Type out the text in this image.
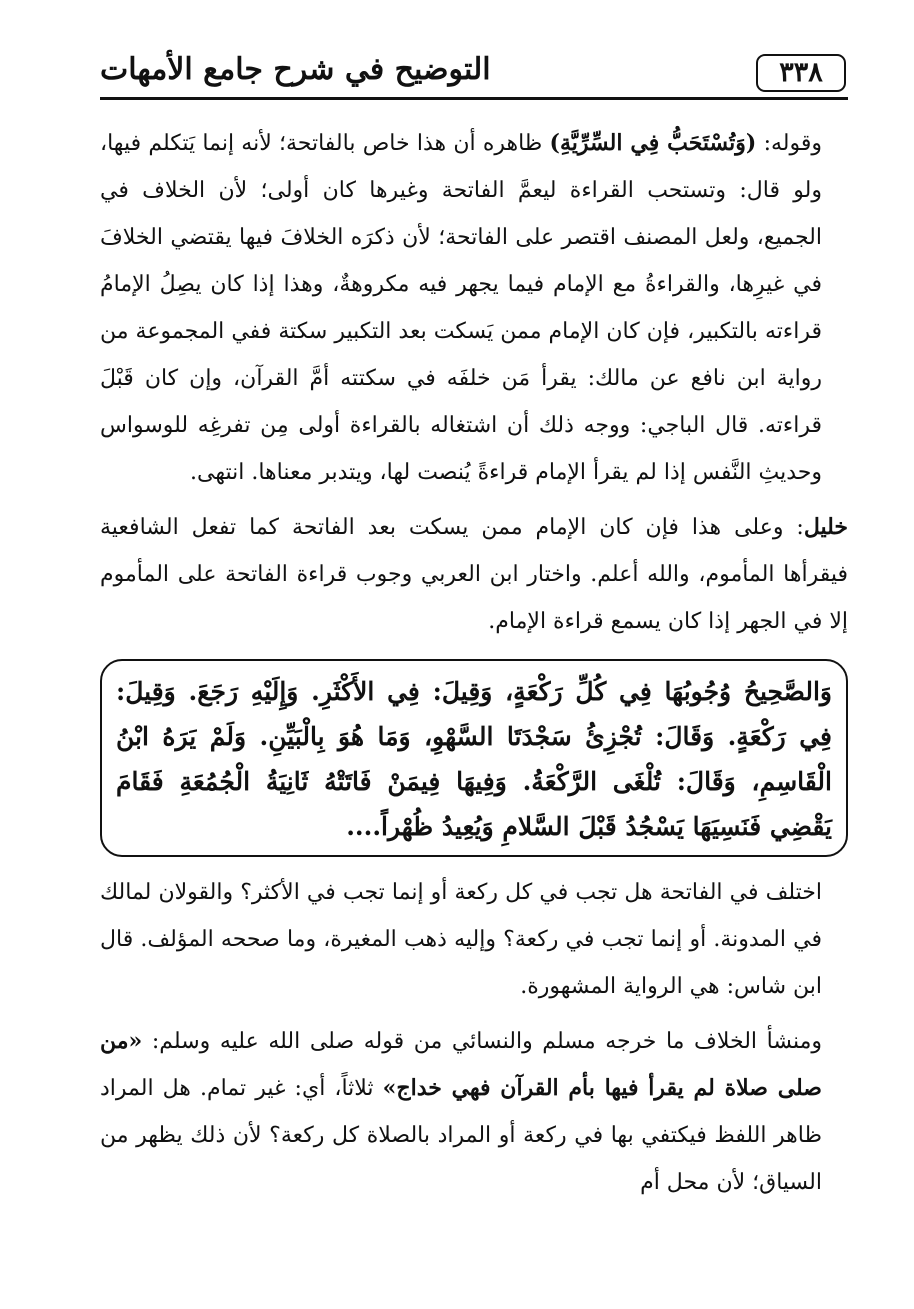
التوضيح في شرح جامع الأمهات	٣٣٨

وقوله: (وَتُسْتَحَبُّ فِي السِّرِّيَّةِ) ظاهره أن هذا خاص بالفاتحة؛ لأنه إنما يَتكلم فيها، ولو قال: وتستحب القراءة ليعمَّ الفاتحة وغيرها كان أولى؛ لأن الخلاف في الجميع، ولعل المصنف اقتصر على الفاتحة؛ لأن ذكرَه الخلافَ فيها يقتضي الخلافَ في غيرِها، والقراءةُ مع الإمام فيما يجهر فيه مكروهةٌ، وهذا إذا كان يصِلُ الإمامُ قراءته بالتكبير، فإن كان الإمام ممن يَسكت بعد التكبير سكتة ففي المجموعة من رواية ابن نافع عن مالك: يقرأ مَن خلفَه في سكتته أمَّ القرآن، وإن كان قَبْلَ قراءته. قال الباجي: ووجه ذلك أن اشتغاله بالقراءة أولى مِن تفرغِه للوسواس وحديثِ النَّفس إذا لم يقرأ الإمام قراءةً يُنصت لها، ويتدبر معناها. انتهى.

خليل: وعلى هذا فإن كان الإمام ممن يسكت بعد الفاتحة كما تفعل الشافعية فيقرأها المأموم، والله أعلم. واختار ابن العربي وجوب قراءة الفاتحة على المأموم إلا في الجهر إذا كان يسمع قراءة الإمام.

وَالصَّحِيحُ وُجُوبُهَا فِي كُلِّ رَكْعَةٍ، وَقِيلَ: فِي الأَكْثَرِ. وَإِلَيْهِ رَجَعَ. وَقِيلَ: فِي رَكْعَةٍ. وَقَالَ: تُجْزِئُ سَجْدَتَا السَّهْوِ، وَمَا هُوَ بِالْبَيِّنِ. وَلَمْ يَرَهُ ابْنُ الْقَاسِمِ، وَقَالَ: تُلْغَى الرَّكْعَةُ. وَفِيهَا فِيمَنْ فَاتَتْهُ ثَانِيَةُ الْجُمُعَةِ فَقَامَ يَقْضِي فَنَسِيَهَا يَسْجُدُ قَبْلَ السَّلامِ وَيُعِيدُ ظُهْراً....

اختلف في الفاتحة هل تجب في كل ركعة أو إنما تجب في الأكثر؟ والقولان لمالك في المدونة. أو إنما تجب في ركعة؟ وإليه ذهب المغيرة، وما صححه المؤلف. قال ابن شاس: هي الرواية المشهورة.

ومنشأ الخلاف ما خرجه مسلم والنسائي من قوله صلى الله عليه وسلم: «من صلى صلاة لم يقرأ فيها بأم القرآن فهي خداج» ثلاثاً، أي: غير تمام. هل المراد ظاهر اللفظ فيكتفي بها في ركعة أو المراد بالصلاة كل ركعة؟ لأن ذلك يظهر من السياق؛ لأن محل أم
